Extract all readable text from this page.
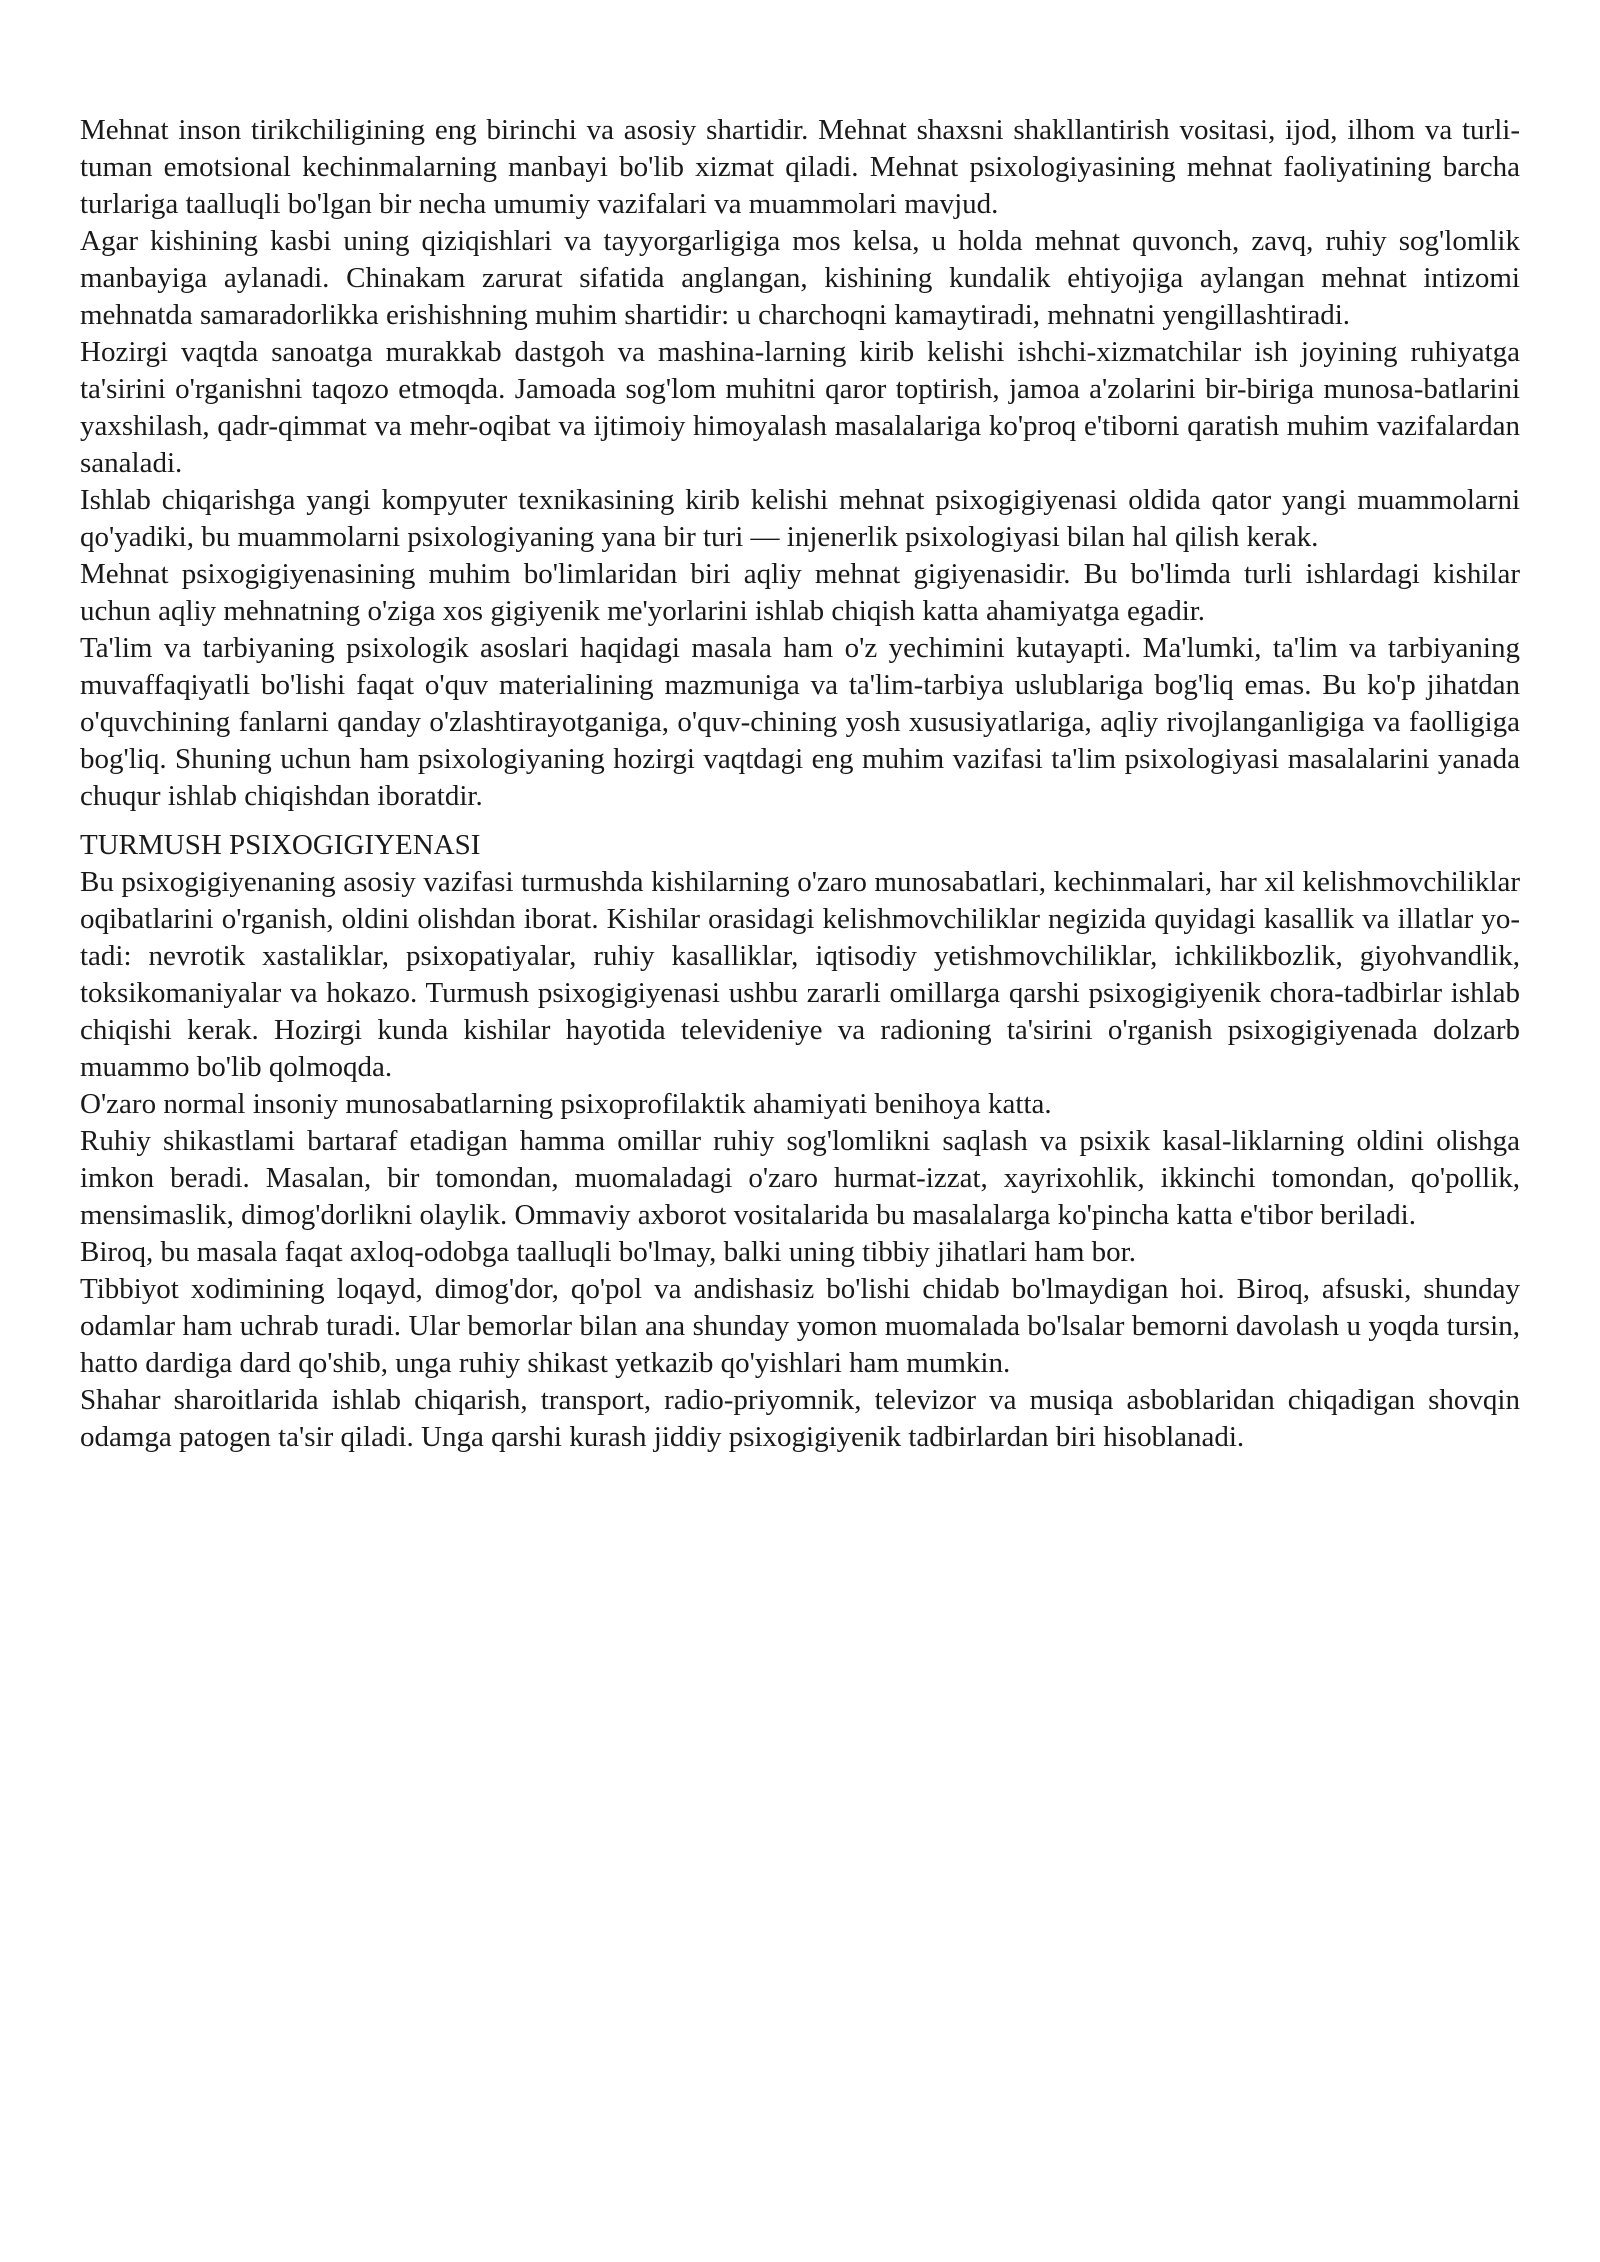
Mehnat inson tirikchiligining eng birinchi va asosiy shartidir. Mehnat shaxsni shakllantirish vositasi, ijod, ilhom va turli-tuman emotsional kechinmalarning manbayi bo'lib xizmat qiladi. Mehnat psixologiyasining mehnat faoliyatining barcha turlariga taalluqli bo'lgan bir necha umumiy vazifalari va muammolari mavjud.

Agar kishining kasbi uning qiziqishlari va tayyorgarligiga mos kelsa, u holda mehnat quvonch, zavq, ruhiy sog'lomlik manbayiga aylanadi. Chinakam zarurat sifatida anglangan, kishining kundalik ehtiyojiga aylangan mehnat intizomi mehnatda samaradorlikka erishishning muhim shartidir: u charchoqni kamaytiradi, mehnatni yengillashtiradi.

Hozirgi vaqtda sanoatga murakkab dastgoh va mashina-larning kirib kelishi ishchi-xizmatchilar ish joyining ruhiyatga ta'sirini o'rganishni taqozo etmoqda. Jamoada sog'lom muhitni qaror toptirish, jamoa a'zolarini bir-biriga munosa-batlarini yaxshilash, qadr-qimmat va mehr-oqibat va ijtimoiy himoyalash masalalariga ko'proq e'tiborni qaratish muhim vazifalardan sanaladi.

Ishlab chiqarishga yangi kompyuter texnikasining kirib kelishi mehnat psixogigiyenasi oldida qator yangi muammolarni qo'yadiki, bu muammolarni psixologiyaning yana bir turi — injenerlik psixologiyasi bilan hal qilish kerak.

Mehnat psixogigiyenasining muhim bo'limlaridan biri aqliy mehnat gigiyenasidir. Bu bo'limda turli ishlardagi kishilar uchun aqliy mehnatning o'ziga xos gigiyenik me'yorlarini ishlab chiqish katta ahamiyatga egadir.

Ta'lim va tarbiyaning psixologik asoslari haqidagi masala ham o'z yechimini kutayapti. Ma'lumki, ta'lim va tarbiyaning muvaffaqiyatli bo'lishi faqat o'quv materialining mazmuniga va ta'lim-tarbiya uslublariga bog'liq emas. Bu ko'p jihatdan o'quvchining fanlarni qanday o'zlashtirayotganiga, o'quv-chining yosh xususiyatlariga, aqliy rivojlanganligiga va faolligiga bog'liq. Shuning uchun ham psixologiyaning hozirgi vaqtdagi eng muhim vazifasi ta'lim psixologiyasi masalalarini yanada chuqur ishlab chiqishdan iboratdir.

TURMUSH PSIXOGIGIYENASI

Bu psixogigiyenaning asosiy vazifasi turmushda kishilarning o'zaro munosabatlari, kechinmalari, har xil kelishmovchiliklar oqibatlarini o'rganish, oldini olishdan iborat. Kishilar orasidagi kelishmovchiliklar negizida quyidagi kasallik va illatlar yo-tadi: nevrotik xastaliklar, psixopatiyalar, ruhiy kasalliklar, iqtisodiy yetishmovchiliklar, ichkilikbozlik, giyohvandlik, toksikomaniyalar va hokazo. Turmush psixogigiyenasi ushbu zararli omillarga qarshi psixogigiyenik chora-tadbirlar ishlab chiqishi kerak. Hozirgi kunda kishilar hayotida televideniye va radioning ta'sirini o'rganish psixogigiyenada dolzarb muammo bo'lib qolmoqda.

O'zaro normal insoniy munosabatlarning psixoprofilaktik ahamiyati benihoya katta.

Ruhiy shikastlami bartaraf etadigan hamma omillar ruhiy sog'lomlikni saqlash va psixik kasal-liklarning oldini olishga imkon beradi. Masalan, bir tomondan, muomaladagi o'zaro hurmat-izzat, xayrixohlik, ikkinchi tomondan, qo'pollik, mensimaslik, dimog'dorlikni olaylik. Ommaviy axborot vositalarida bu masalalarga ko'pincha katta e'tibor beriladi.

Biroq, bu masala faqat axloq-odobga taalluqli bo'lmay, balki uning tibbiy jihatlari ham bor.

Tibbiyot xodimining loqayd, dimog'dor, qo'pol va andishasiz bo'lishi chidab bo'lmaydigan hoi. Biroq, afsuski, shunday odamlar ham uchrab turadi. Ular bemorlar bilan ana shunday yomon muomalada bo'lsalar bemorni davolash u yoqda tursin, hatto dardiga dard qo'shib, unga ruhiy shikast yetkazib qo'yishlari ham mumkin.

Shahar sharoitlarida ishlab chiqarish, transport, radio-priyomnik, televizor va musiqa asboblaridan chiqadigan shovqin odamga patogen ta'sir qiladi. Unga qarshi kurash jiddiy psixogigiyenik tadbirlardan biri hisoblanadi.
